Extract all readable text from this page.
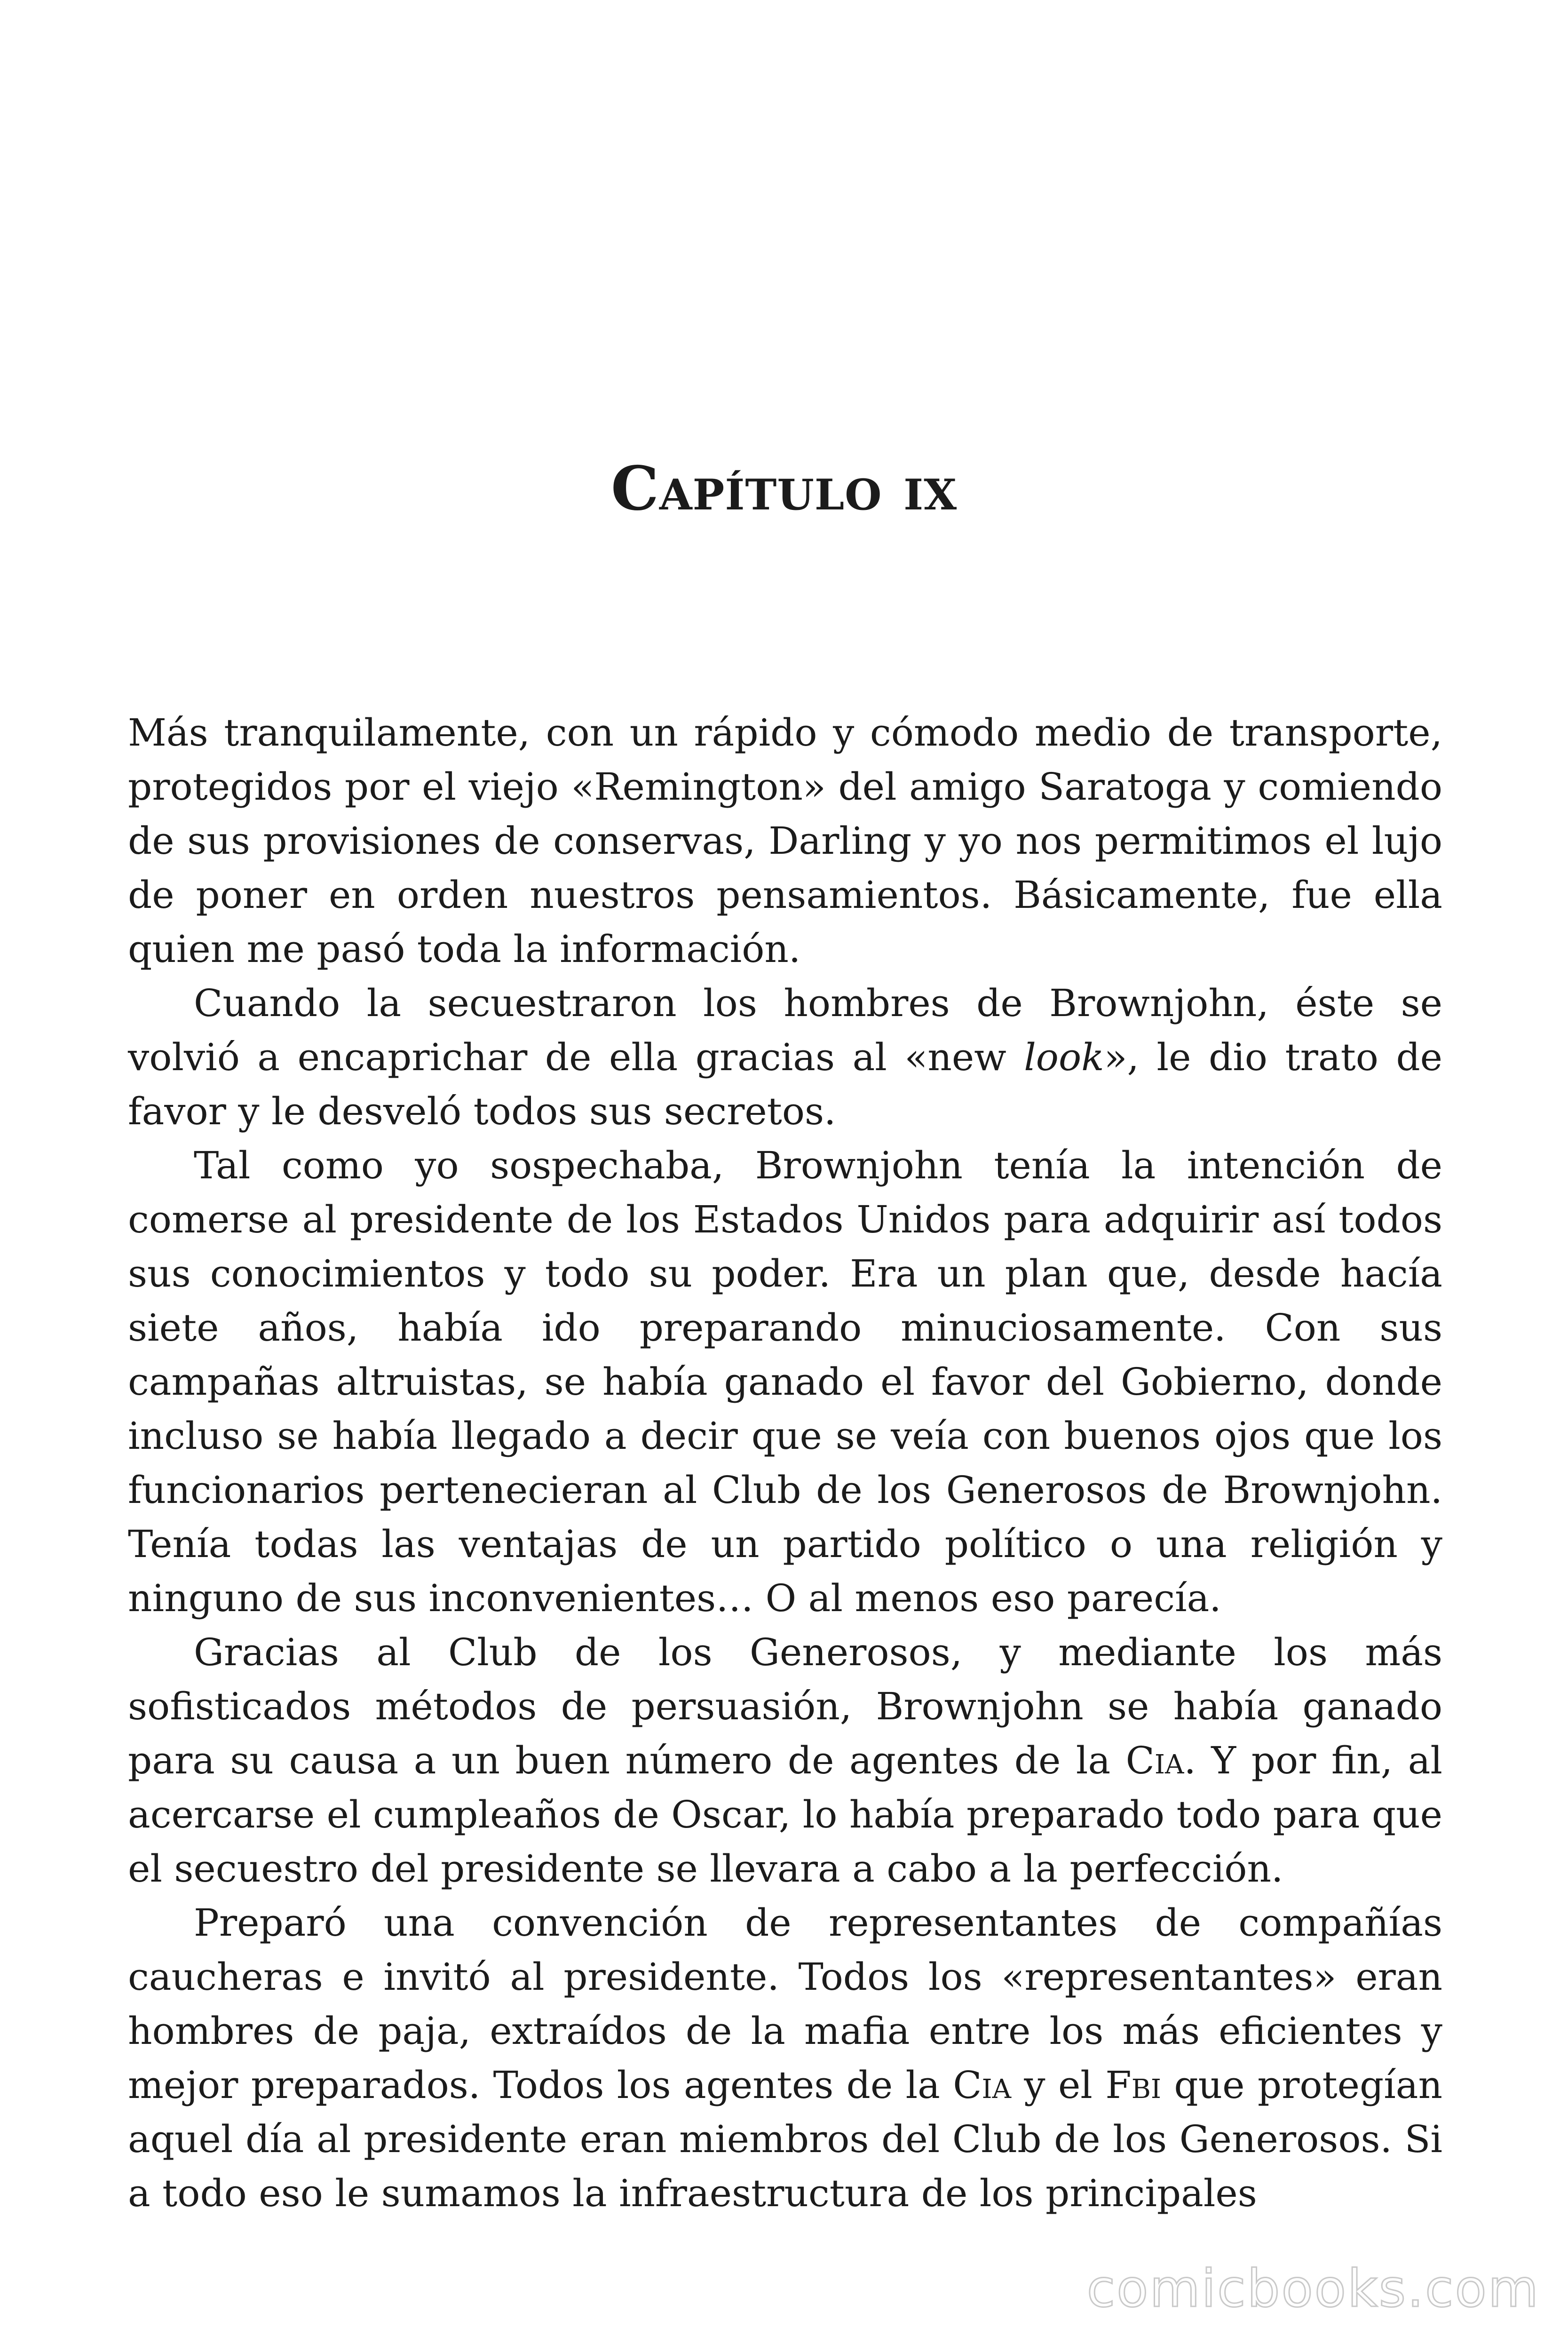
Capítulo ix

Más tranquilamente, con un rápido y cómodo medio de transporte, protegidos por el viejo «Remington» del amigo Saratoga y comiendo de sus provisiones de conservas, Darling y yo nos permitimos el lujo de poner en orden nuestros pensamientos. Básicamente, fue ella quien me pasó toda la información.

Cuando la secuestraron los hombres de Brownjohn, éste se volvió a encaprichar de ella gracias al «new look», le dio trato de favor y le desveló todos sus secretos.

Tal como yo sospechaba, Brownjohn tenía la intención de comerse al presidente de los Estados Unidos para adquirir así todos sus conocimientos y todo su poder. Era un plan que, desde hacía siete años, había ido preparando minuciosamente. Con sus campañas altruistas, se había ganado el favor del Gobierno, donde incluso se había llegado a decir que se veía con buenos ojos que los funcionarios pertenecieran al Club de los Generosos de Brownjohn. Tenía todas las ventajas de un partido político o una religión y ninguno de sus inconvenientes… O al menos eso parecía.

Gracias al Club de los Generosos, y mediante los más sofisticados métodos de persuasión, Brownjohn se había ganado para su causa a un buen número de agentes de la Cia. Y por fin, al acercarse el cumpleaños de Oscar, lo había preparado todo para que el secuestro del presidente se llevara a cabo a la perfección.

Preparó una convención de representantes de compañías caucheras e invitó al presidente. Todos los «representantes» eran hombres de paja, extraídos de la mafia entre los más eficientes y mejor preparados. Todos los agentes de la Cia y el Fbi que protegían aquel día al presidente eran miembros del Club de los Generosos. Si a todo eso le sumamos la infraestructura de los principales

comicbooks.com
